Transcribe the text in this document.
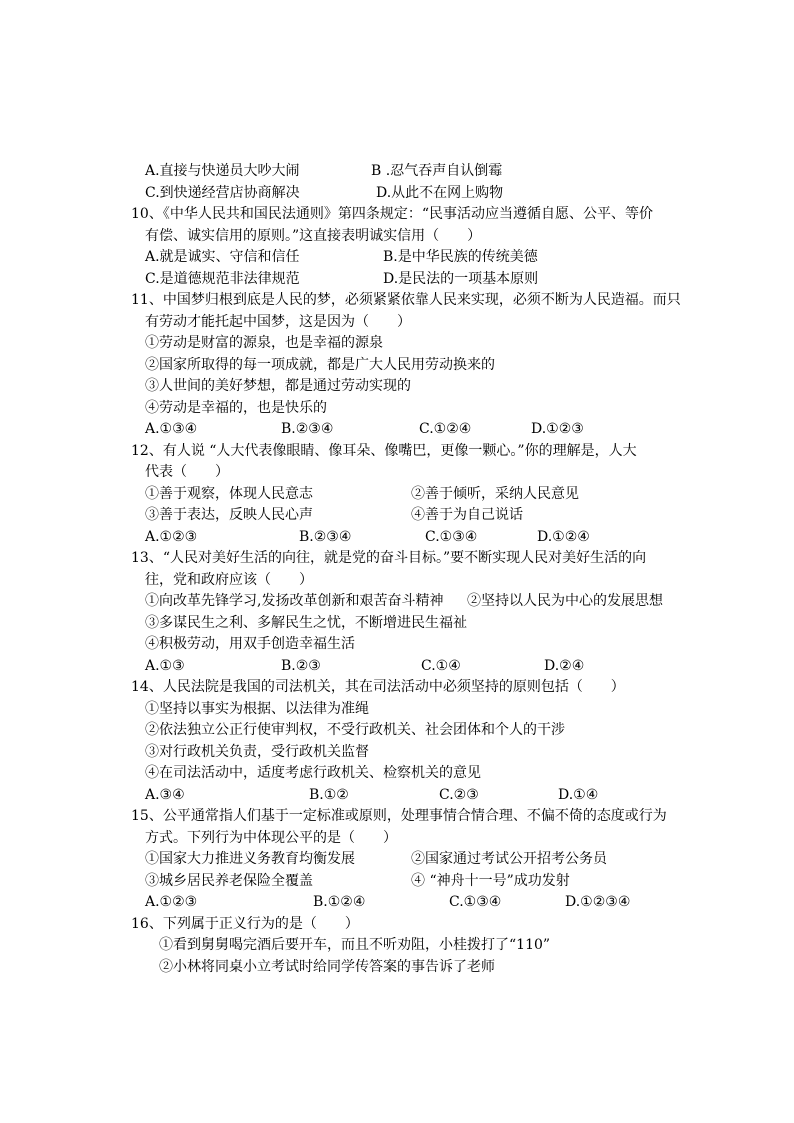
A.直接与快递员大吵大闹	B .忍气吞声自认倒霉
C.到快递经营店协商解决	D.从此不在网上购物
10、《中华人民共和国民法通则》第四条规定：“民事活动应当遵循自愿、公平、等价
有偿、诚实信用的原则。”这直接表明诚实信用（　　）
A.就是诚实、守信和信任	B.是中华民族的传统美德
C.是道德规范非法律规范	D.是民法的一项基本原则
11、中国梦归根到底是人民的梦，必须紧紧依靠人民来实现，必须不断为人民造福。而只
有劳动才能托起中国梦，这是因为（　　）
①劳动是财富的源泉，也是幸福的源泉
②国家所取得的每一项成就，都是广大人民用劳动换来的
③人世间的美好梦想，都是通过劳动实现的
④劳动是幸福的，也是快乐的
A.①③④	B.②③④	C.①②④	D.①②③
12、有人说 “人大代表像眼睛、像耳朵、像嘴巴，更像一颗心。”你的理解是，人大
代表（　　）
①善于观察，体现人民意志	②善于倾听，采纳人民意见
③善于表达，反映人民心声	④善于为自己说话
A.①②③	B.②③④	C.①③④	D.①②④
13、“人民对美好生活的向往，就是党的奋斗目标。”要不断实现人民对美好生活的向
往，党和政府应该（　　）
①向改革先锋学习,发扬改革创新和艰苦奋斗精神 ②坚持以人民为中心的发展思想
③多谋民生之利、多解民生之忧，不断增进民生福祉
④积极劳动，用双手创造幸福生活
A.①③	B.②③	C.①④	D.②④
14、人民法院是我国的司法机关，其在司法活动中必须坚持的原则包括（　　）
①坚持以事实为根据、以法律为准绳
②依法独立公正行使审判权，不受行政机关、社会团体和个人的干涉
③对行政机关负责，受行政机关监督
④在司法活动中，适度考虑行政机关、检察机关的意见
A.③④	B.①②	C.②③	D.①④
15、公平通常指人们基于一定标准或原则，处理事情合情合理、不偏不倚的态度或行为
方式。下列行为中体现公平的是（　　）
①国家大力推进义务教育均衡发展	②国家通过考试公开招考公务员
③城乡居民养老保险全覆盖	④ “神舟十一号”成功发射
A.①②③	B.①②④	C.①③④	D.①②③④
16、下列属于正义行为的是（　　）
①看到舅舅喝完酒后要开车，而且不听劝阻，小桂拨打了“110”
②小林将同桌小立考试时给同学传答案的事告诉了老师
